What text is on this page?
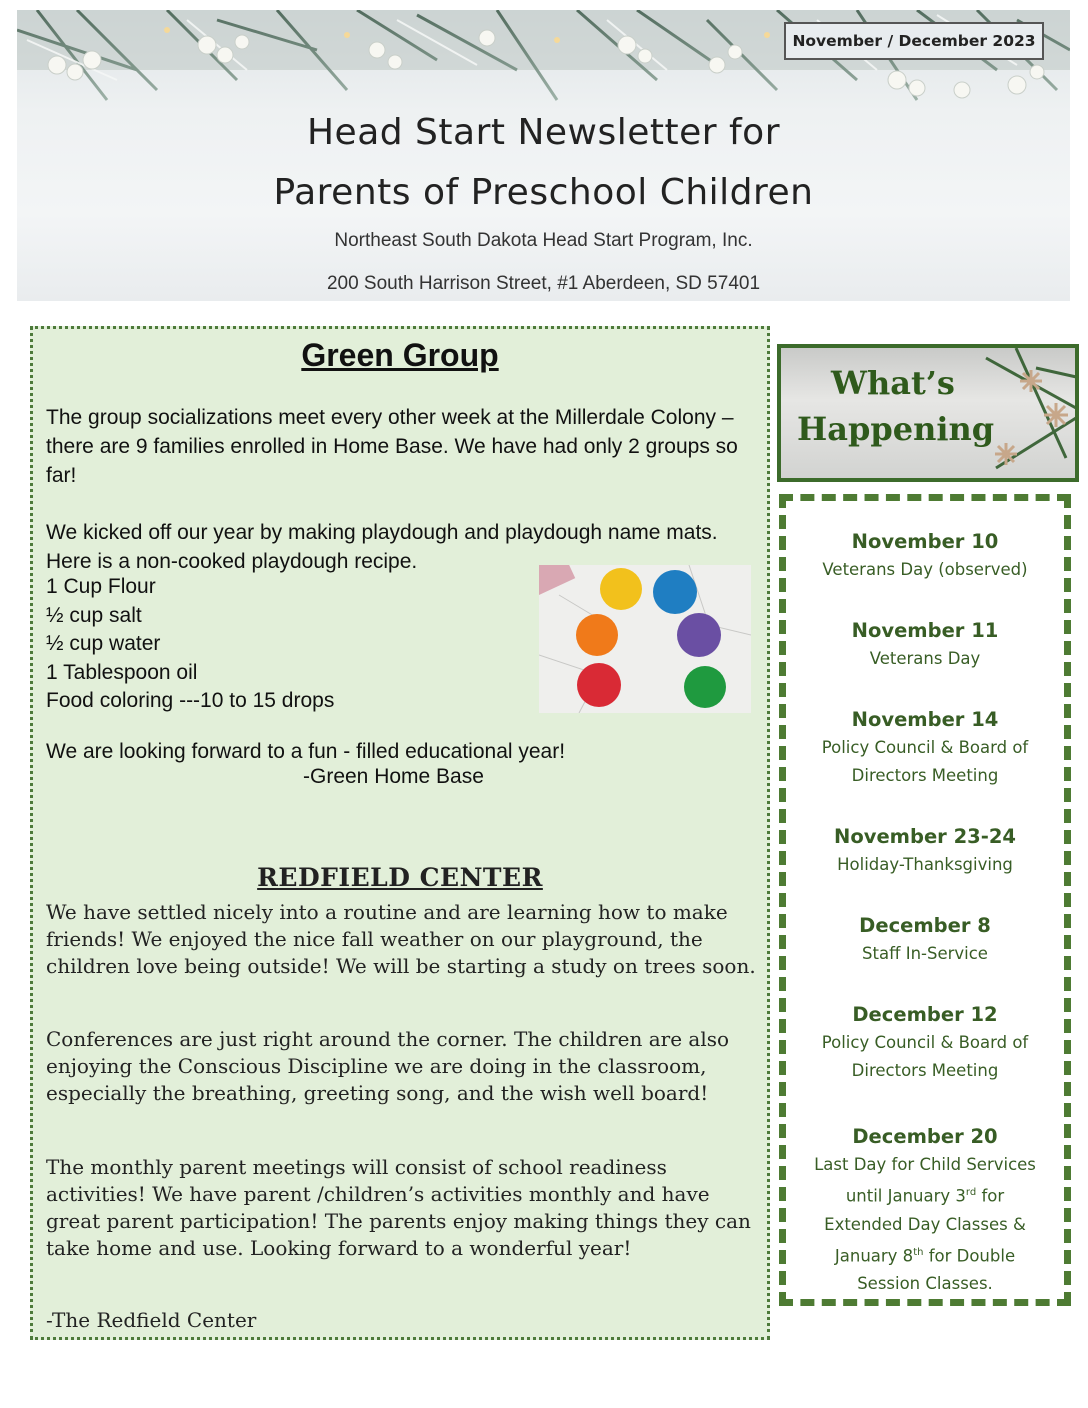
Head Start Newsletter for
Parents of Preschool Children
Northeast South Dakota Head Start Program, Inc.
200 South Harrison Street, #1 Aberdeen, SD 57401
November / December 2023
Green Group

The group socializations meet every other week at the Millerdale Colony –there are 9 families enrolled in Home Base. We have had only 2 groups so far!

We kicked off our year by making playdough and playdough name mats. Here is a non-cooked playdough recipe.

1 Cup Flour
½ cup salt
½ cup water
1 Tablespoon oil
Food coloring ---10 to 15 drops

We are looking forward to a fun - filled educational year!

-Green Home Base
REDFIELD CENTER

We have settled nicely into a routine and are learning how to make friends! We enjoyed the nice fall weather on our playground, the children love being outside! We will be starting a study on trees soon.

Conferences are just right around the corner. The children are also enjoying the Conscious Discipline we are doing in the classroom, especially the breathing, greeting song, and the wish well board!

The monthly parent meetings will consist of school readiness activities! We have parent /children’s activities monthly and have great parent participation! The parents enjoy making things they can take home and use. Looking forward to a wonderful year!

-The Redfield Center

What’s
Happening
November 10
Veterans Day (observed)
November 11
Veterans Day
November 14
Policy Council & Board of
Directors Meeting
November 23-24
Holiday-Thanksgiving
December 8
Staff In-Service
December 12
Policy Council & Board of
Directors Meeting
December 20
Last Day for Child Services
until January 3rd for
Extended Day Classes &
January 8th for Double
Session Classes.
